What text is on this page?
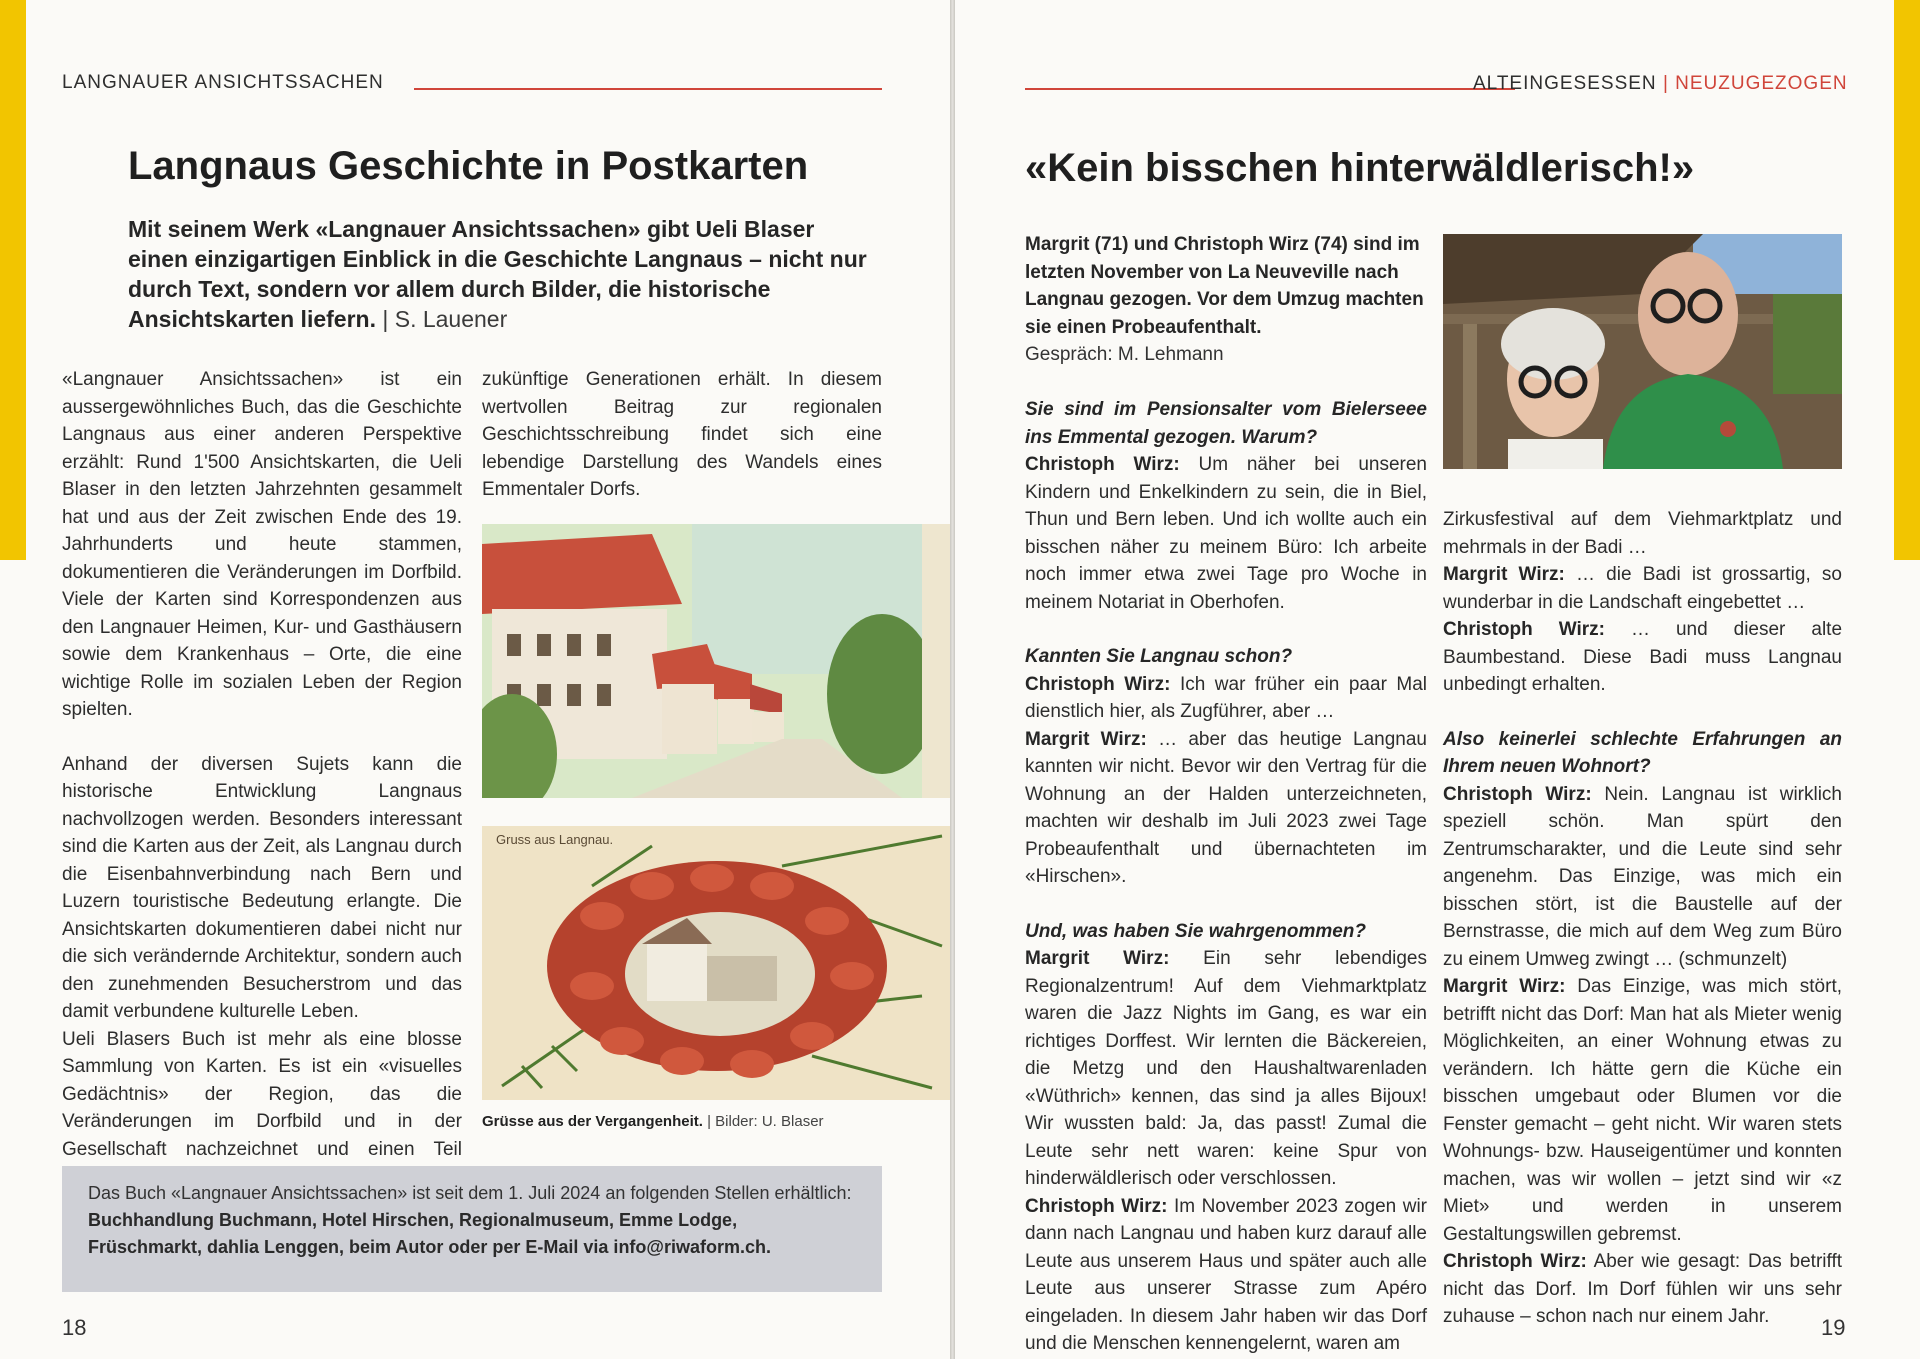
LANGNAUER ANSICHTSSACHEN
Langnaus Geschichte in Postkarten
Mit seinem Werk «Langnauer Ansichtssachen» gibt Ueli Blaser einen einzigartigen Einblick in die Geschichte Langnaus – nicht nur durch Text, sondern vor allem durch Bilder, die historische Ansichtskarten liefern. | S. Lauener

«Langnauer Ansichtssachen» ist ein aussergewöhnliches Buch, das die Geschichte Langnaus aus einer anderen Perspektive erzählt: Rund 1'500 Ansichtskarten, die Ueli Blaser in den letzten Jahrzehnten gesammelt hat und aus der Zeit zwischen Ende des 19. Jahrhunderts und heute stammen, dokumentieren die Veränderungen im Dorfbild. Viele der Karten sind Korrespondenzen aus den Langnauer Heimen, Kur- und Gasthäusern sowie dem Krankenhaus – Orte, die eine wichtige Rolle im sozialen Leben der Region spielten.

Anhand der diversen Sujets kann die historische Entwicklung Langnaus nachvollzogen werden. Besonders interessant sind die Karten aus der Zeit, als Langnau durch die Eisenbahnverbindung nach Bern und Luzern touristische Bedeutung erlangte. Die Ansichtskarten dokumentieren dabei nicht nur die sich verändernde Architektur, sondern auch den zunehmenden Besucherstrom und das damit verbundene kulturelle Leben.

Ueli Blasers Buch ist mehr als eine blosse Sammlung von Karten. Es ist ein «visuelles Gedächtnis» der Region, das die Veränderungen im Dorfbild und in der Gesellschaft nachzeichnet und einen Teil

zukünftige Generationen erhält. In diesem wertvollen Beitrag zur regionalen Geschichtsschreibung findet sich eine lebendige Darstellung des Wandels eines Emmentaler Dorfs.

Gruss aus Langnau.
Grüsse aus der Vergangenheit. | Bilder: U. Blaser
Das Buch «Langnauer Ansichtssachen» ist seit dem 1. Juli 2024 an folgenden Stellen erhältlich:
Buchhandlung Buchmann, Hotel Hirschen, Regionalmuseum, Emme Lodge, Früschmarkt, dahlia Lenggen, beim Autor oder per E-Mail via info@riwaform.ch.
18
ALTEINGESESSEN | NEUZUGEZOGEN
«Kein bisschen hinterwäldlerisch!»
Margrit (71) und Christoph Wirz (74) sind im letzten November von La Neuveville nach Langnau gezogen. Vor dem Umzug machten sie einen Probeaufenthalt.
Gespräch: M. Lehmann

Sie sind im Pensionsalter vom Bielerseee ins Emmental gezogen. Warum?

Christoph Wirz: Um näher bei unseren Kindern und Enkelkindern zu sein, die in Biel, Thun und Bern leben. Und ich wollte auch ein bisschen näher zu meinem Büro: Ich arbeite noch immer etwa zwei Tage pro Woche in meinem Notariat in Oberhofen.

Kannten Sie Langnau schon?

Christoph Wirz: Ich war früher ein paar Mal dienstlich hier, als Zugführer, aber …

Margrit Wirz: … aber das heutige Langnau kannten wir nicht. Bevor wir den Vertrag für die Wohnung an der Halden unterzeichneten, machten wir deshalb im Juli 2023 zwei Tage Probeaufenthalt und übernachteten im «Hirschen».

Und, was haben Sie wahrgenommen?

Margrit Wirz: Ein sehr lebendiges Regionalzentrum! Auf dem Viehmarktplatz waren die Jazz Nights im Gang, es war ein richtiges Dorffest. Wir lernten die Bäckereien, die Metzg und den Haushaltwarenladen «Wüthrich» kennen, das sind ja alles Bijoux! Wir wussten bald: Ja, das passt! Zumal die Leute sehr nett waren: keine Spur von hinderwäldlerisch oder verschlossen.

Christoph Wirz: Im November 2023 zogen wir dann nach Langnau und haben kurz darauf alle Leute aus unserem Haus und später auch alle Leute aus unserer Strasse zum Apéro eingeladen. In diesem Jahr haben wir das Dorf und die Menschen kennengelernt, waren am

Zirkusfestival auf dem Viehmarktplatz und mehrmals in der Badi …

Margrit Wirz: … die Badi ist grossartig, so wunderbar in die Landschaft eingebettet …

Christoph Wirz: … und dieser alte Baumbestand. Diese Badi muss Langnau unbedingt erhalten.

Also keinerlei schlechte Erfahrungen an Ihrem neuen Wohnort?

Christoph Wirz: Nein. Langnau ist wirklich speziell schön. Man spürt den Zentrumscharakter, und die Leute sind sehr angenehm. Das Einzige, was mich ein bisschen stört, ist die Baustelle auf der Bernstrasse, die mich auf dem Weg zum Büro zu einem Umweg zwingt … (schmunzelt)

Margrit Wirz: Das Einzige, was mich stört, betrifft nicht das Dorf: Man hat als Mieter wenig Möglichkeiten, an einer Wohnung etwas zu verändern. Ich hätte gern die Küche ein bisschen umgebaut oder Blumen vor die Fenster gemacht – geht nicht. Wir waren stets Wohnungs- bzw. Hauseigentümer und konnten machen, was wir wollen – jetzt sind wir «z Miet» und werden in unserem Gestaltungswillen gebremst.

Christoph Wirz: Aber wie gesagt: Das betrifft nicht das Dorf. Im Dorf fühlen wir uns sehr zuhause – schon nach nur einem Jahr.	19
